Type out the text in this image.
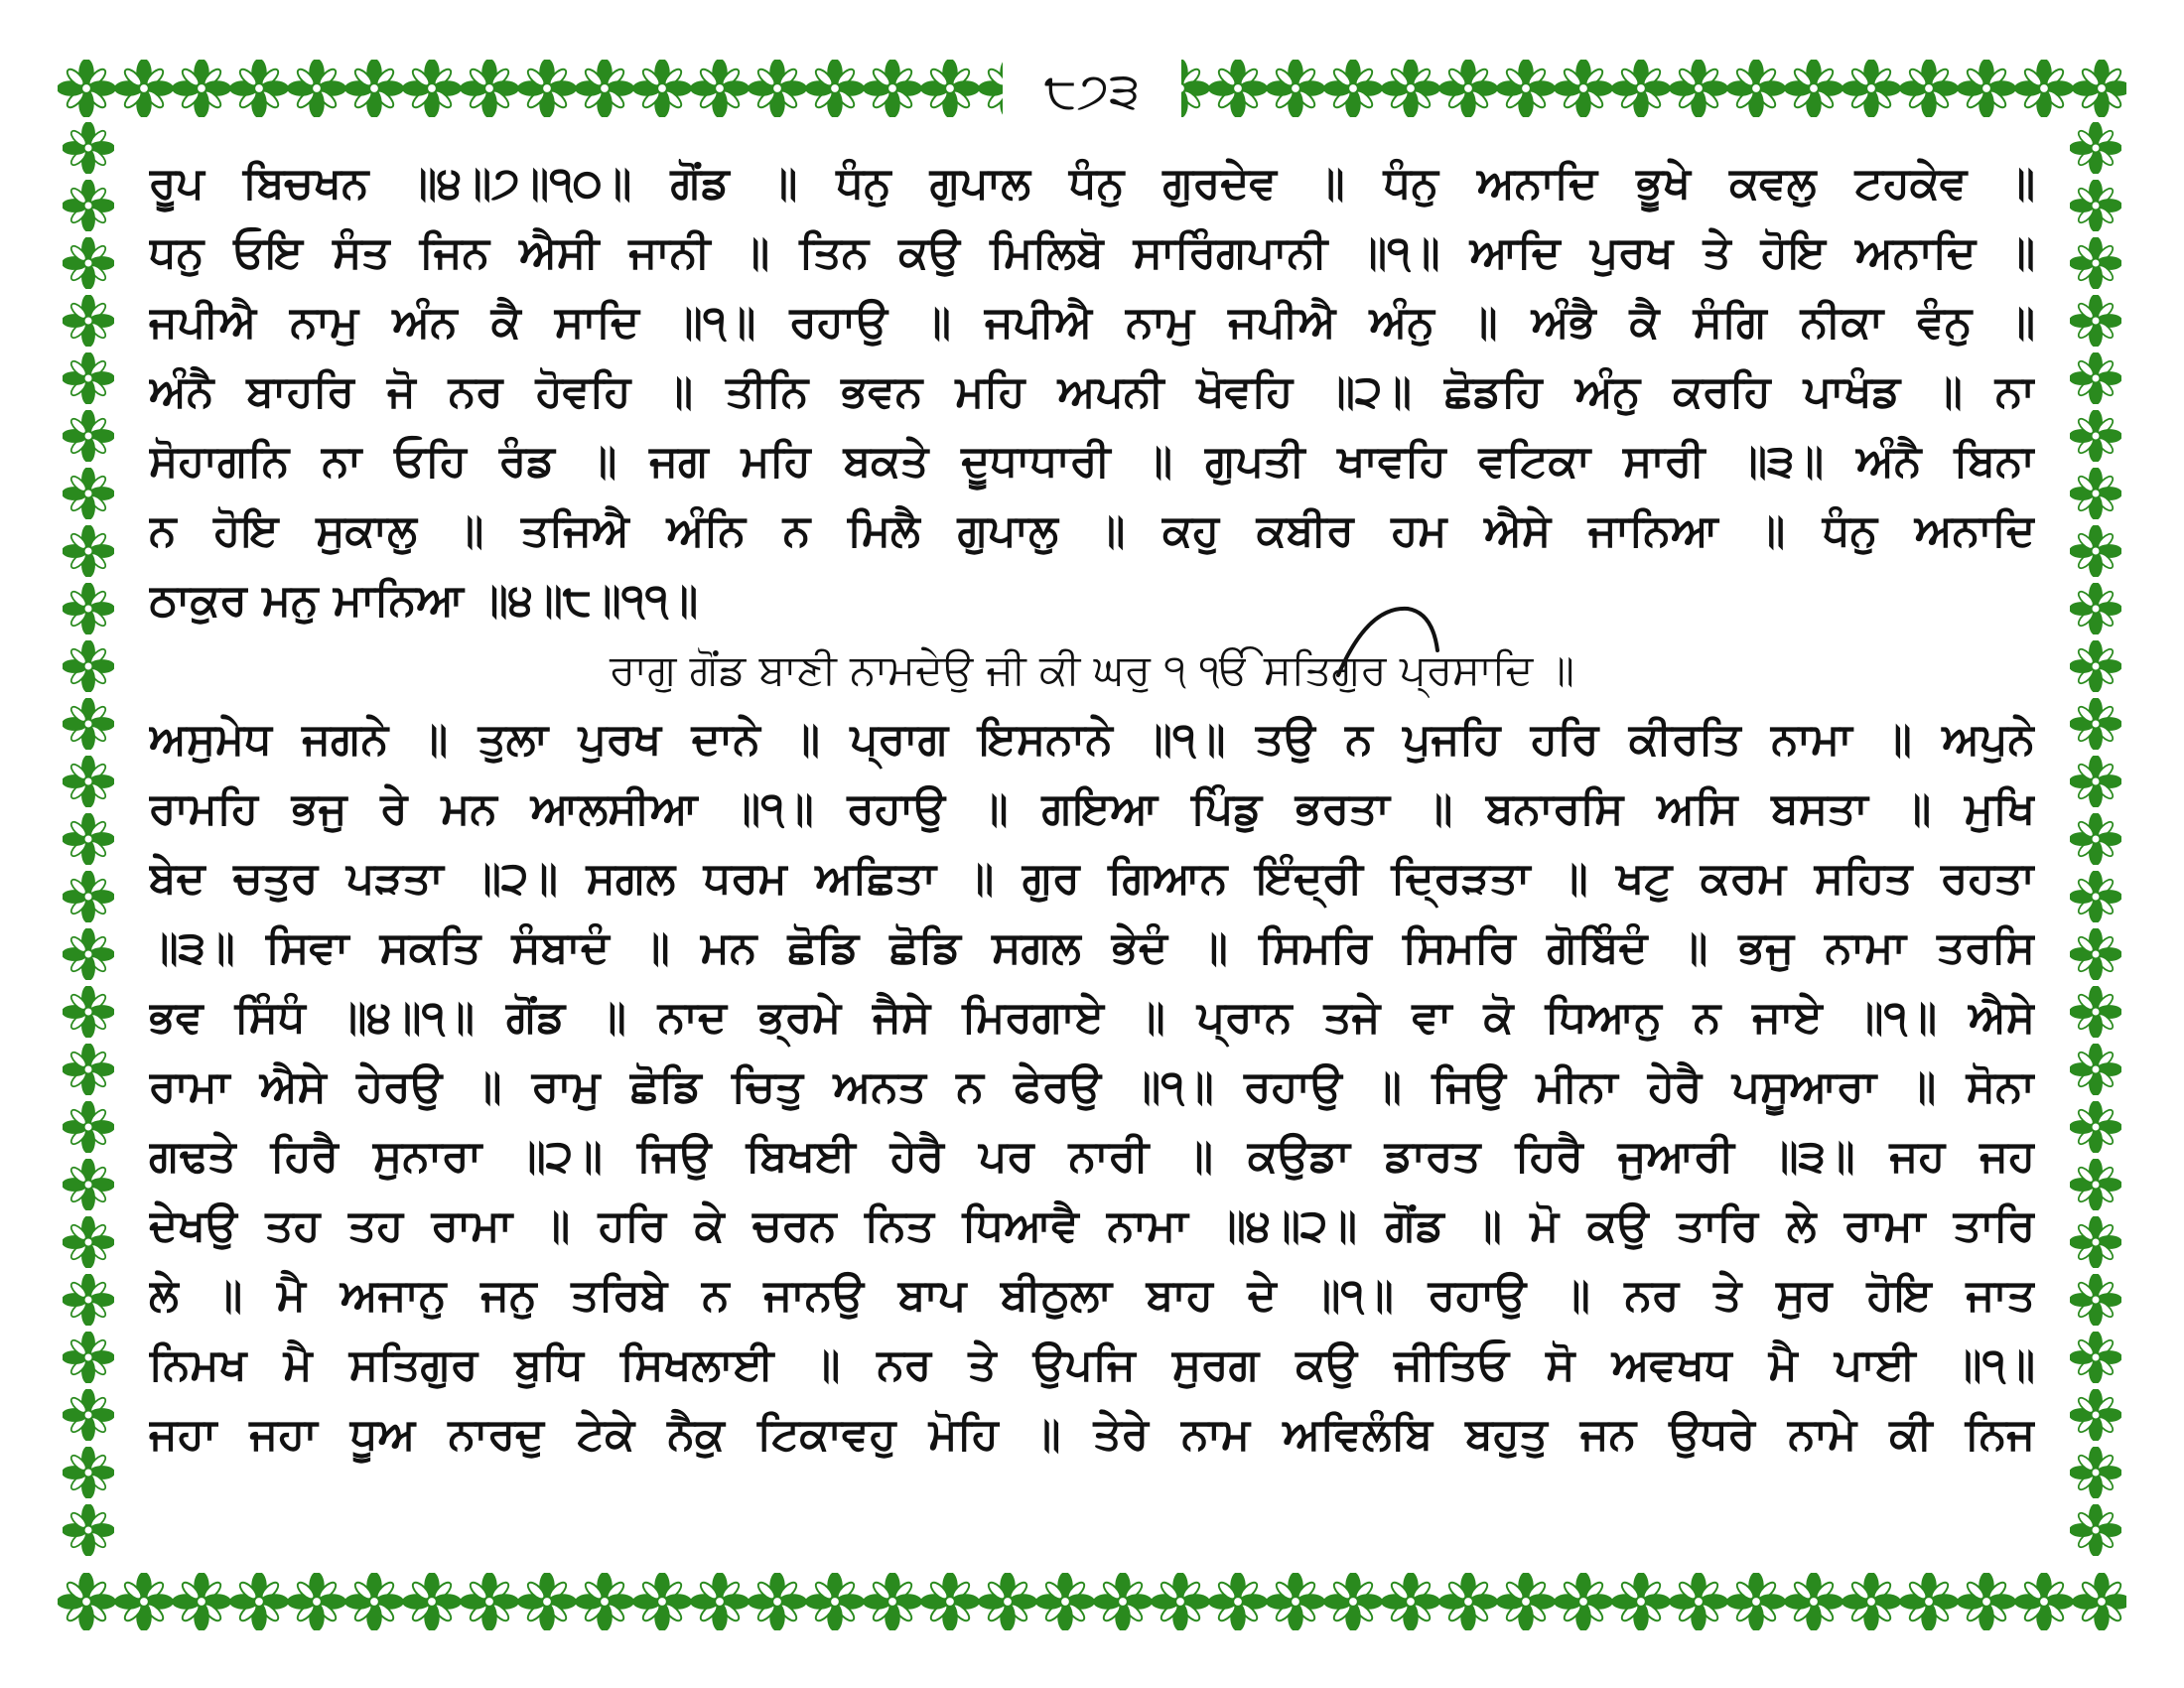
੮੭੩
ਰੂਪ ਬਿਚਖਨ ॥੪॥੭॥੧੦॥ ਗੋਂਡ ॥ ਧੰਨੁ ਗੁਪਾਲ ਧੰਨੁ ਗੁਰਦੇਵ ॥ ਧੰਨੁ ਅਨਾਦਿ ਭੂਖੇ ਕਵਲੁ ਟਹਕੇਵ ॥
ਧਨੁ ਓਇ ਸੰਤ ਜਿਨ ਐਸੀ ਜਾਨੀ ॥ ਤਿਨ ਕਉ ਮਿਲਿਬੋ ਸਾਰਿੰਗਪਾਨੀ ॥੧॥ ਆਦਿ ਪੁਰਖ ਤੇ ਹੋਇ ਅਨਾਦਿ ॥
ਜਪੀਐ ਨਾਮੁ ਅੰਨ ਕੈ ਸਾਦਿ ॥੧॥ ਰਹਾਉ ॥ ਜਪੀਐ ਨਾਮੁ ਜਪੀਐ ਅੰਨੁ ॥ ਅੰਭੈ ਕੈ ਸੰਗਿ ਨੀਕਾ ਵੰਨੁ ॥
ਅੰਨੈ ਬਾਹਰਿ ਜੋ ਨਰ ਹੋਵਹਿ ॥ ਤੀਨਿ ਭਵਨ ਮਹਿ ਅਪਨੀ ਖੋਵਹਿ ॥੨॥ ਛੋਡਹਿ ਅੰਨੁ ਕਰਹਿ ਪਾਖੰਡ ॥ ਨਾ
ਸੋਹਾਗਨਿ ਨਾ ਓਹਿ ਰੰਡ ॥ ਜਗ ਮਹਿ ਬਕਤੇ ਦੂਧਾਧਾਰੀ ॥ ਗੁਪਤੀ ਖਾਵਹਿ ਵਟਿਕਾ ਸਾਰੀ ॥੩॥ ਅੰਨੈ ਬਿਨਾ
ਨ ਹੋਇ ਸੁਕਾਲੁ ॥ ਤਜਿਐ ਅੰਨਿ ਨ ਮਿਲੈ ਗੁਪਾਲੁ ॥ ਕਹੁ ਕਬੀਰ ਹਮ ਐਸੇ ਜਾਨਿਆ ॥ ਧੰਨੁ ਅਨਾਦਿ
ਠਾਕੁਰ ਮਨੁ ਮਾਨਿਆ ॥੪॥੮॥੧੧॥
ਰਾਗੁ ਗੋਂਡ ਬਾਣੀ ਨਾਮਦੇਉ ਜੀ ਕੀ ਘਰੁ ੧ ੴ ਸਤਿਗੁਰ ਪ੍ਰਸਾਦਿ ॥
ਅਸੁਮੇਧ ਜਗਨੇ ॥ ਤੁਲਾ ਪੁਰਖ ਦਾਨੇ ॥ ਪ੍ਰਾਗ ਇਸਨਾਨੇ ॥੧॥ ਤਉ ਨ ਪੁਜਹਿ ਹਰਿ ਕੀਰਤਿ ਨਾਮਾ ॥ ਅਪੁਨੇ
ਰਾਮਹਿ ਭਜੁ ਰੇ ਮਨ ਆਲਸੀਆ ॥੧॥ ਰਹਾਉ ॥ ਗਇਆ ਪਿੰਡੁ ਭਰਤਾ ॥ ਬਨਾਰਸਿ ਅਸਿ ਬਸਤਾ ॥ ਮੁਖਿ
ਬੇਦ ਚਤੁਰ ਪੜਤਾ ॥੨॥ ਸਗਲ ਧਰਮ ਅਛਿਤਾ ॥ ਗੁਰ ਗਿਆਨ ਇੰਦ੍ਰੀ ਦ੍ਰਿੜਤਾ ॥ ਖਟੁ ਕਰਮ ਸਹਿਤ ਰਹਤਾ
॥੩॥ ਸਿਵਾ ਸਕਤਿ ਸੰਬਾਦੰ ॥ ਮਨ ਛੋਡਿ ਛੋਡਿ ਸਗਲ ਭੇਦੰ ॥ ਸਿਮਰਿ ਸਿਮਰਿ ਗੋਬਿੰਦੰ ॥ ਭਜੁ ਨਾਮਾ ਤਰਸਿ
ਭਵ ਸਿੰਧੰ ॥੪॥੧॥ ਗੋਂਡ ॥ ਨਾਦ ਭ੍ਰਮੇ ਜੈਸੇ ਮਿਰਗਾਏ ॥ ਪ੍ਰਾਨ ਤਜੇ ਵਾ ਕੋ ਧਿਆਨੁ ਨ ਜਾਏ ॥੧॥ ਐਸੇ
ਰਾਮਾ ਐਸੇ ਹੇਰਉ ॥ ਰਾਮੁ ਛੋਡਿ ਚਿਤੁ ਅਨਤ ਨ ਫੇਰਉ ॥੧॥ ਰਹਾਉ ॥ ਜਿਉ ਮੀਨਾ ਹੇਰੈ ਪਸੂਆਰਾ ॥ ਸੋਨਾ
ਗਢਤੇ ਹਿਰੈ ਸੁਨਾਰਾ ॥੨॥ ਜਿਉ ਬਿਖਈ ਹੇਰੈ ਪਰ ਨਾਰੀ ॥ ਕਉਡਾ ਡਾਰਤ ਹਿਰੈ ਜੁਆਰੀ ॥੩॥ ਜਹ ਜਹ
ਦੇਖਉ ਤਹ ਤਹ ਰਾਮਾ ॥ ਹਰਿ ਕੇ ਚਰਨ ਨਿਤ ਧਿਆਵੈ ਨਾਮਾ ॥੪॥੨॥ ਗੋਂਡ ॥ ਮੋ ਕਉ ਤਾਰਿ ਲੇ ਰਾਮਾ ਤਾਰਿ
ਲੇ ॥ ਮੈ ਅਜਾਨੁ ਜਨੁ ਤਰਿਬੇ ਨ ਜਾਨਉ ਬਾਪ ਬੀਠੁਲਾ ਬਾਹ ਦੇ ॥੧॥ ਰਹਾਉ ॥ ਨਰ ਤੇ ਸੁਰ ਹੋਇ ਜਾਤ
ਨਿਮਖ ਮੈ ਸਤਿਗੁਰ ਬੁਧਿ ਸਿਖਲਾਈ ॥ ਨਰ ਤੇ ਉਪਜਿ ਸੁਰਗ ਕਉ ਜੀਤਿਓ ਸੋ ਅਵਖਧ ਮੈ ਪਾਈ ॥੧॥
ਜਹਾ ਜਹਾ ਧੂਅ ਨਾਰਦੁ ਟੇਕੇ ਨੈਕੁ ਟਿਕਾਵਹੁ ਮੋਹਿ ॥ ਤੇਰੇ ਨਾਮ ਅਵਿਲੰਬਿ ਬਹੁਤੁ ਜਨ ਉਧਰੇ ਨਾਮੇ ਕੀ ਨਿਜ
